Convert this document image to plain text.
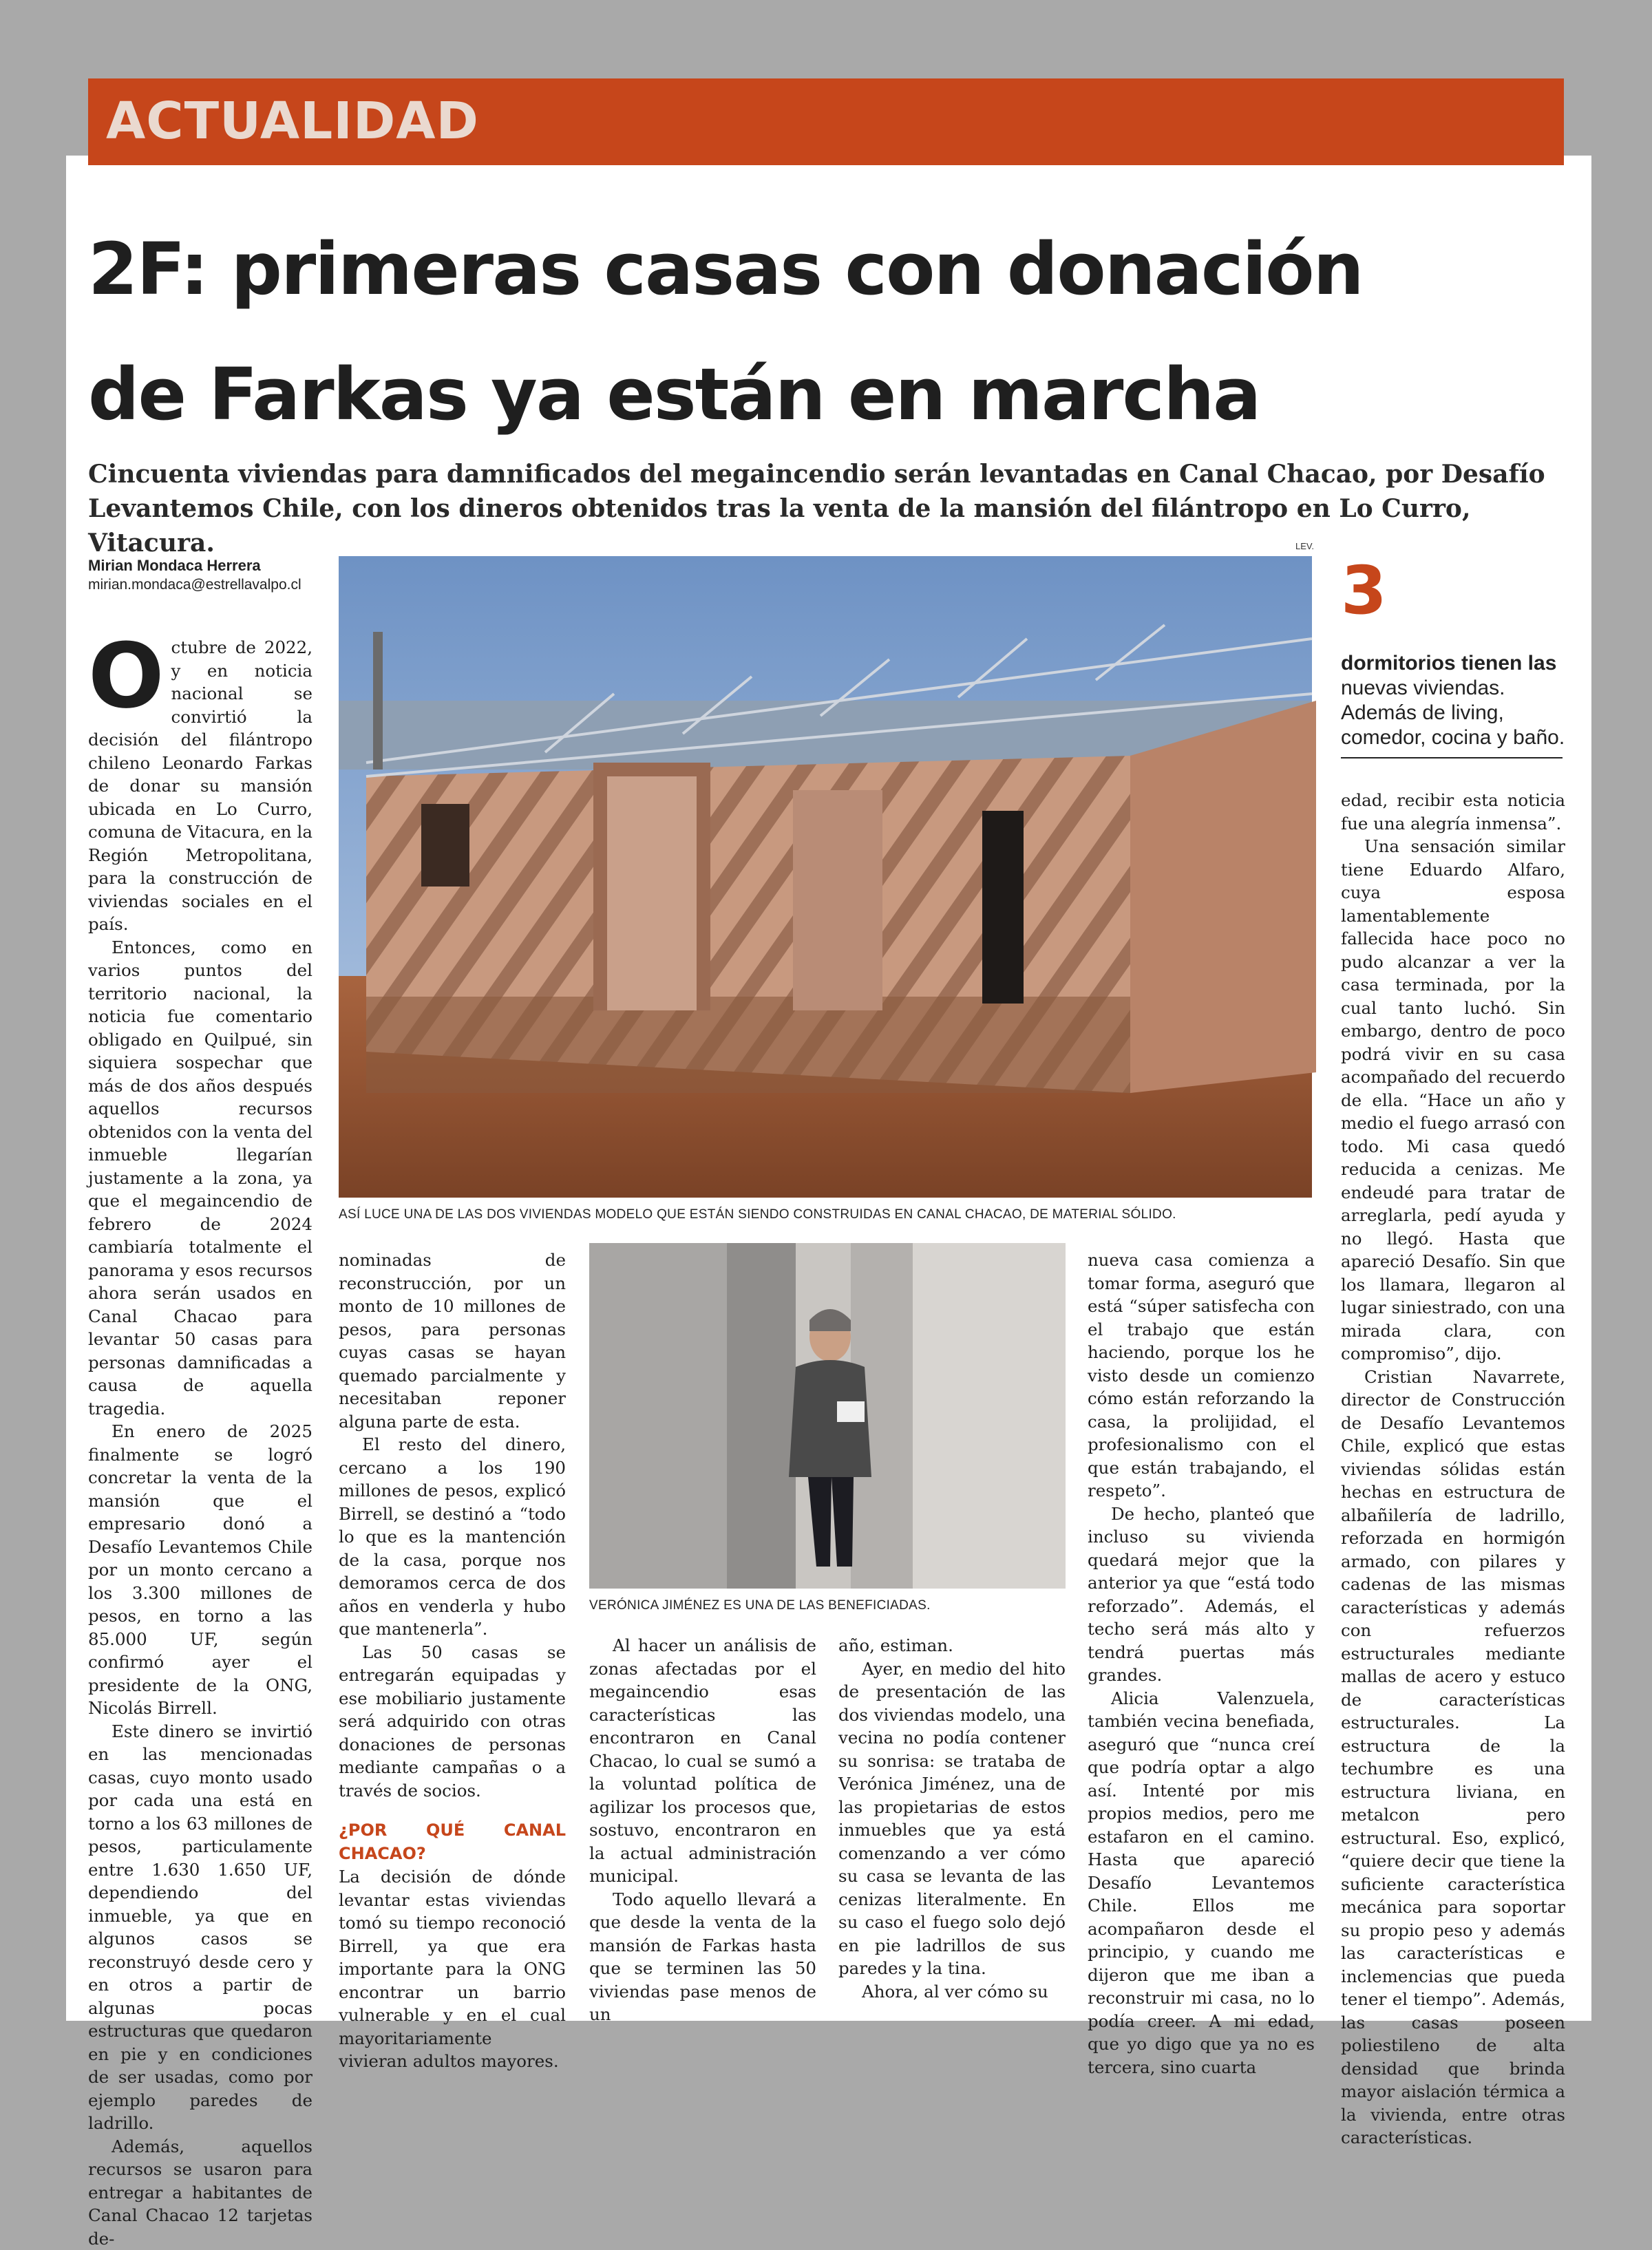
ACTUALIDAD
2F: primeras casas con donación
de Farkas ya están en marcha
Cincuenta viviendas para damnificados del megaincendio serán levantadas en Canal Chacao, por Desafío Levantemos Chile, con los dineros obtenidos tras la venta de la mansión del filántropo en Lo Curro, Vitacura.
Mirian Mondaca Herrera
mirian.mondaca@estrellavalpo.cl
LEV.
ASÍ LUCE UNA DE LAS DOS VIVIENDAS MODELO QUE ESTÁN SIENDO CONSTRUIDAS EN CANAL CHACAO, DE MATERIAL SÓLIDO.
VERÓNICA JIMÉNEZ ES UNA DE LAS BENEFICIADAS.

Octubre de 2022, y en noticia nacional se convirtió la decisión del filántropo chileno Leonardo Farkas de donar su mansión ubicada en Lo Curro, comuna de Vitacura, en la Región Metropolitana, para la construcción de viviendas sociales en el país.

Entonces, como en varios puntos del territorio nacional, la noticia fue comentario obligado en Quilpué, sin siquiera sospechar que más de dos años después aquellos recursos obtenidos con la venta del inmueble llegarían justamente a la zona, ya que el megaincendio de febrero de 2024 cambiaría totalmente el panorama y esos recursos ahora serán usados en Canal Chacao para levantar 50 casas para personas damnificadas a causa de aquella tragedia.

En enero de 2025 finalmente se logró concretar la venta de la mansión que el empresario donó a Desafío Levantemos Chile por un monto cercano a los 3.300 millones de pesos, en torno a las 85.000 UF, según confirmó ayer el presidente de la ONG, Nicolás Birrell.

Este dinero se invirtió en las mencionadas casas, cuyo monto usado por cada una está en torno a los 63 millones de pesos, particulamente entre 1.630 1.650 UF, dependiendo del inmueble, ya que en algunos casos se reconstruyó desde cero y en otros a partir de algunas pocas estructuras que quedaron en pie y en condiciones de ser usadas, como por ejemplo paredes de ladrillo.

Además, aquellos recursos se usaron para entregar a habitantes de Canal Chacao 12 tarjetas de-

nominadas de reconstrucción, por un monto de 10 millones de pesos, para personas cuyas casas se hayan quemado parcialmente y necesitaban reponer alguna parte de esta.

El resto del dinero, cercano a los 190 millones de pesos, explicó Birrell, se destinó a “todo lo que es la mantención de la casa, porque nos demoramos cerca de dos años en venderla y hubo que mantenerla”.

Las 50 casas se entregarán equipadas y ese mobiliario justamente será adquirido con otras donaciones de personas mediante campañas o a través de socios.

¿POR QUÉ CANAL CHACAO?

La decisión de dónde levantar estas viviendas tomó su tiempo reconoció Birrell, ya que era importante para la ONG encontrar un barrio vulnerable y en el cual mayoritariamente vivieran adultos mayores.

Al hacer un análisis de zonas afectadas por el megaincendio esas características las encontraron en Canal Chacao, lo cual se sumó a la voluntad política de agilizar los procesos que, sostuvo, encontraron en la actual administración municipal.

Todo aquello llevará a que desde la venta de la mansión de Farkas hasta que se terminen las 50 viviendas pase menos de un

año, estiman.

Ayer, en medio del hito de presentación de las dos viviendas modelo, una vecina no podía contener su sonrisa: se trataba de Verónica Jiménez, una de las propietarias de estos inmuebles que ya está comenzando a ver cómo su casa se levanta de las cenizas literalmente. En su caso el fuego solo dejó en pie ladrillos de sus paredes y la tina.

Ahora, al ver cómo su

nueva casa comienza a tomar forma, aseguró que está “súper satisfecha con el trabajo que están haciendo, porque los he visto desde un comienzo cómo están reforzando la casa, la prolijidad, el profesionalismo con el que están trabajando, el respeto”.

De hecho, planteó que incluso su vivienda quedará mejor que la anterior ya que “está todo reforzado”. Además, el techo será más alto y tendrá puertas más grandes.

Alicia Valenzuela, también vecina benefiada, aseguró que “nunca creí que podría optar a algo así. Intenté por mis propios medios, pero me estafaron en el camino. Hasta que apareció Desafío Levantemos Chile. Ellos me acompañaron desde el principio, y cuando me dijeron que me iban a reconstruir mi casa, no lo podía creer. A mi edad, que yo digo que ya no es tercera, sino cuarta

3
dormitorios tienen las nuevas viviendas. Además de living, comedor, cocina y baño.

edad, recibir esta noticia fue una alegría inmensa”.

Una sensación similar tiene Eduardo Alfaro, cuya esposa lamentablemente fallecida hace poco no pudo alcanzar a ver la casa terminada, por la cual tanto luchó. Sin embargo, dentro de poco podrá vivir en su casa acompañado del recuerdo de ella. “Hace un año y medio el fuego arrasó con todo. Mi casa quedó reducida a cenizas. Me endeudé para tratar de arreglarla, pedí ayuda y no llegó. Hasta que apareció Desafío. Sin que los llamara, llegaron al lugar siniestrado, con una mirada clara, con compromiso”, dijo.

Cristian Navarrete, director de Construcción de Desafío Levantemos Chile, explicó que estas viviendas sólidas están hechas en estructura de albañilería de ladrillo, reforzada en hormigón armado, con pilares y cadenas de las mismas características y además con refuerzos estructurales mediante mallas de acero y estuco de características estructurales. La estructura de la techumbre es una estructura liviana, en metalcon pero estructural. Eso, explicó, “quiere decir que tiene la suficiente característica mecánica para soportar su propio peso y además las características e inclemencias que pueda tener el tiempo”. Además, las casas poseen poliestileno de alta densidad que brinda mayor aislación térmica a la vivienda, entre otras características.
